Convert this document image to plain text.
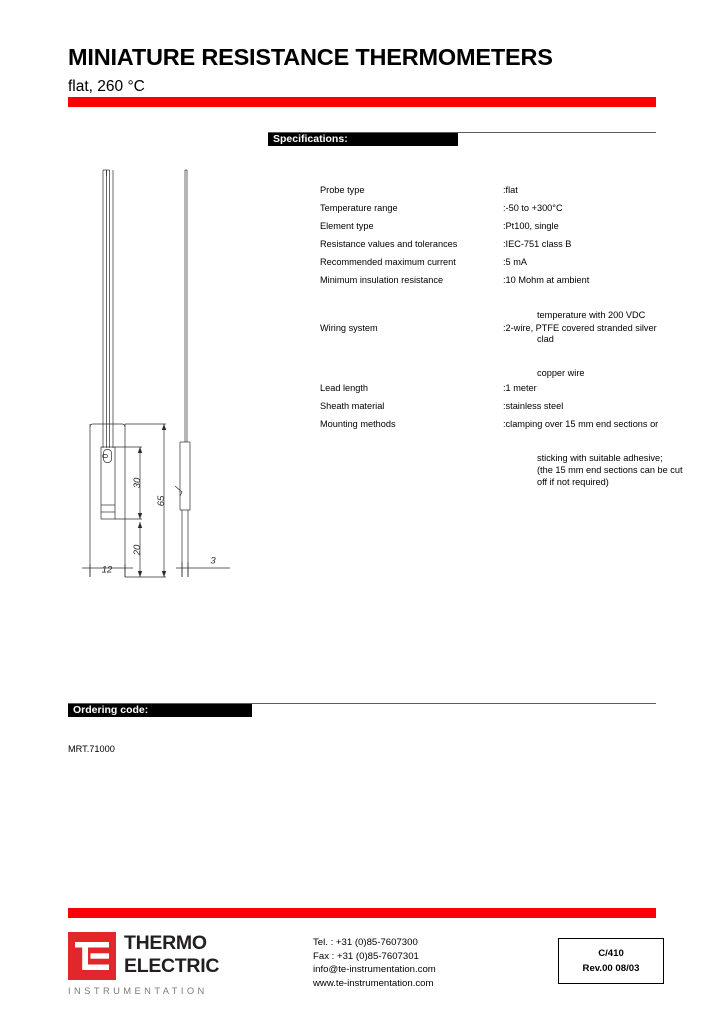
MINIATURE RESISTANCE THERMOMETERS
flat, 260 °C
Specifications:
Probe type	:flat
Temperature range	:-50 to +300°C
Element type	:Pt100, single
Resistance values and tolerances	:IEC-751 class B
Recommended maximum current	:5 mA
Minimum insulation resistance	:10 Mohm at ambient
temperature with 200 VDC
Wiring system	:2-wire, PTFE covered stranded silver
clad
copper wire
Lead length	:1 meter
Sheath material	:stainless steel
Mounting methods	:clamping over 15 mm end sections or
sticking with suitable adhesive;
(the 15 mm end sections can be cut
off if not required)
0
65
30
20
12
3
Ordering code:
MRT.71000
THERMO
ELECTRIC
INSTRUMENTATION
Tel. : +31 (0)85-7607300
Fax : +31 (0)85-7607301
info@te-instrumentation.com
www.te-instrumentation.com
C/410
Rev.00 08/03
